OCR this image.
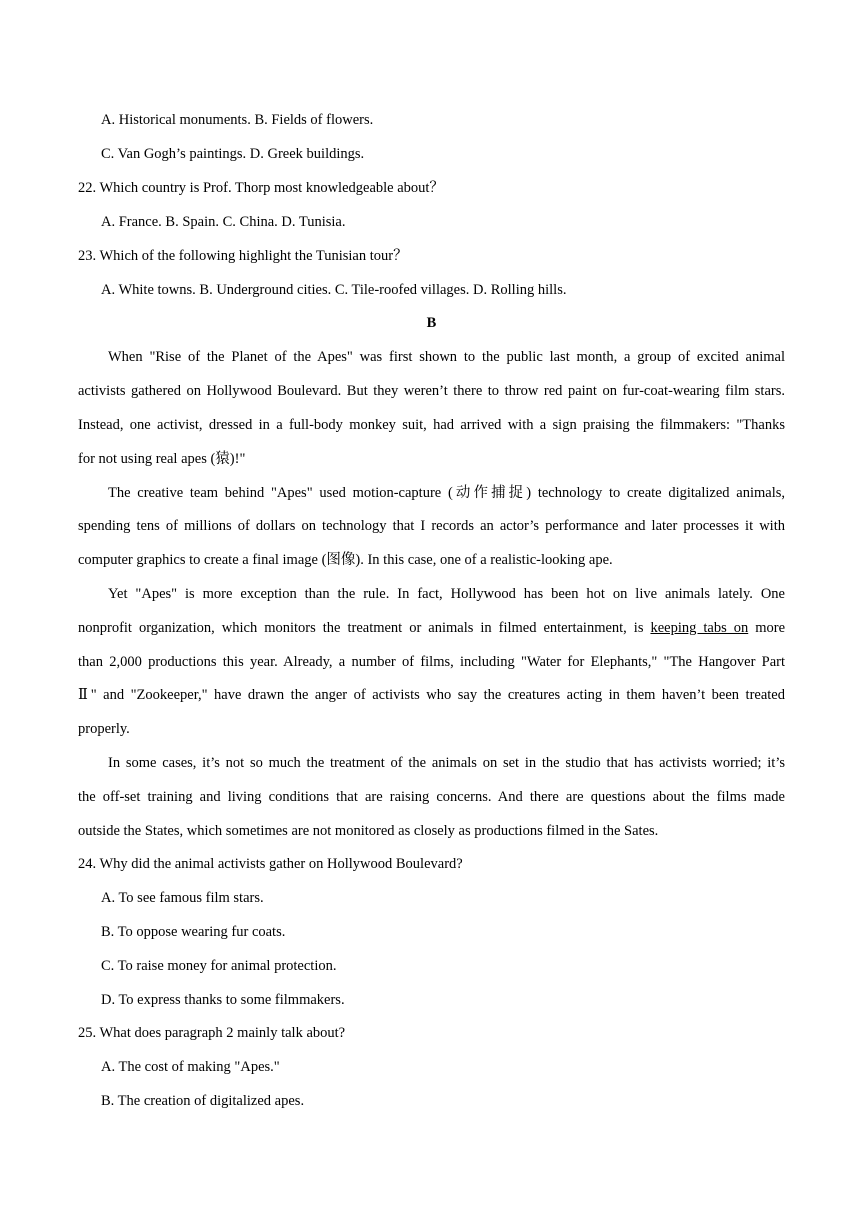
A. Historical monuments. B. Fields of flowers.
C. Van Gogh’s paintings. D. Greek buildings.
22. Which country is Prof. Thorp most knowledgeable about？
A. France. B. Spain. C. China. D. Tunisia.
23. Which of the following highlight the Tunisian tour？
A. White towns. B. Underground cities. C. Tile-roofed villages. D. Rolling hills.
B
When "Rise of the Planet of the Apes" was first shown to the public last month, a group of excited animal
activists gathered on Hollywood Boulevard. But they weren’t there to throw red paint on fur-coat-wearing film stars.
Instead, one activist, dressed in a full-body monkey suit, had arrived with a sign praising the filmmakers: "Thanks
for not using real apes (猿)!"
The creative team behind "Apes" used motion-capture (动作捕捉) technology to create digitalized animals,
spending tens of millions of dollars on technology that I records an actor’s performance and later processes it with
computer graphics to create a final image (图像). In this case, one of a realistic-looking ape.
Yet "Apes" is more exception than the rule. In fact, Hollywood has been hot on live animals lately. One
nonprofit organization, which monitors the treatment or animals in filmed entertainment, is keeping tabs on more
than 2,000 productions this year. Already, a number of films, including "Water for Elephants," "The Hangover Part
Ⅱ" and "Zookeeper," have drawn the anger of activists who say the creatures acting in them haven’t been treated
properly.
In some cases, it’s not so much the treatment of the animals on set in the studio that has activists worried; it’s
the off-set training and living conditions that are raising concerns. And there are questions about the films made
outside the States, which sometimes are not monitored as closely as productions filmed in the Sates.
24. Why did the animal activists gather on Hollywood Boulevard?
A. To see famous film stars.
B. To oppose wearing fur coats.
C. To raise money for animal protection.
D. To express thanks to some filmmakers.
25. What does paragraph 2 mainly talk about?
A. The cost of making "Apes."
B. The creation of digitalized apes.
